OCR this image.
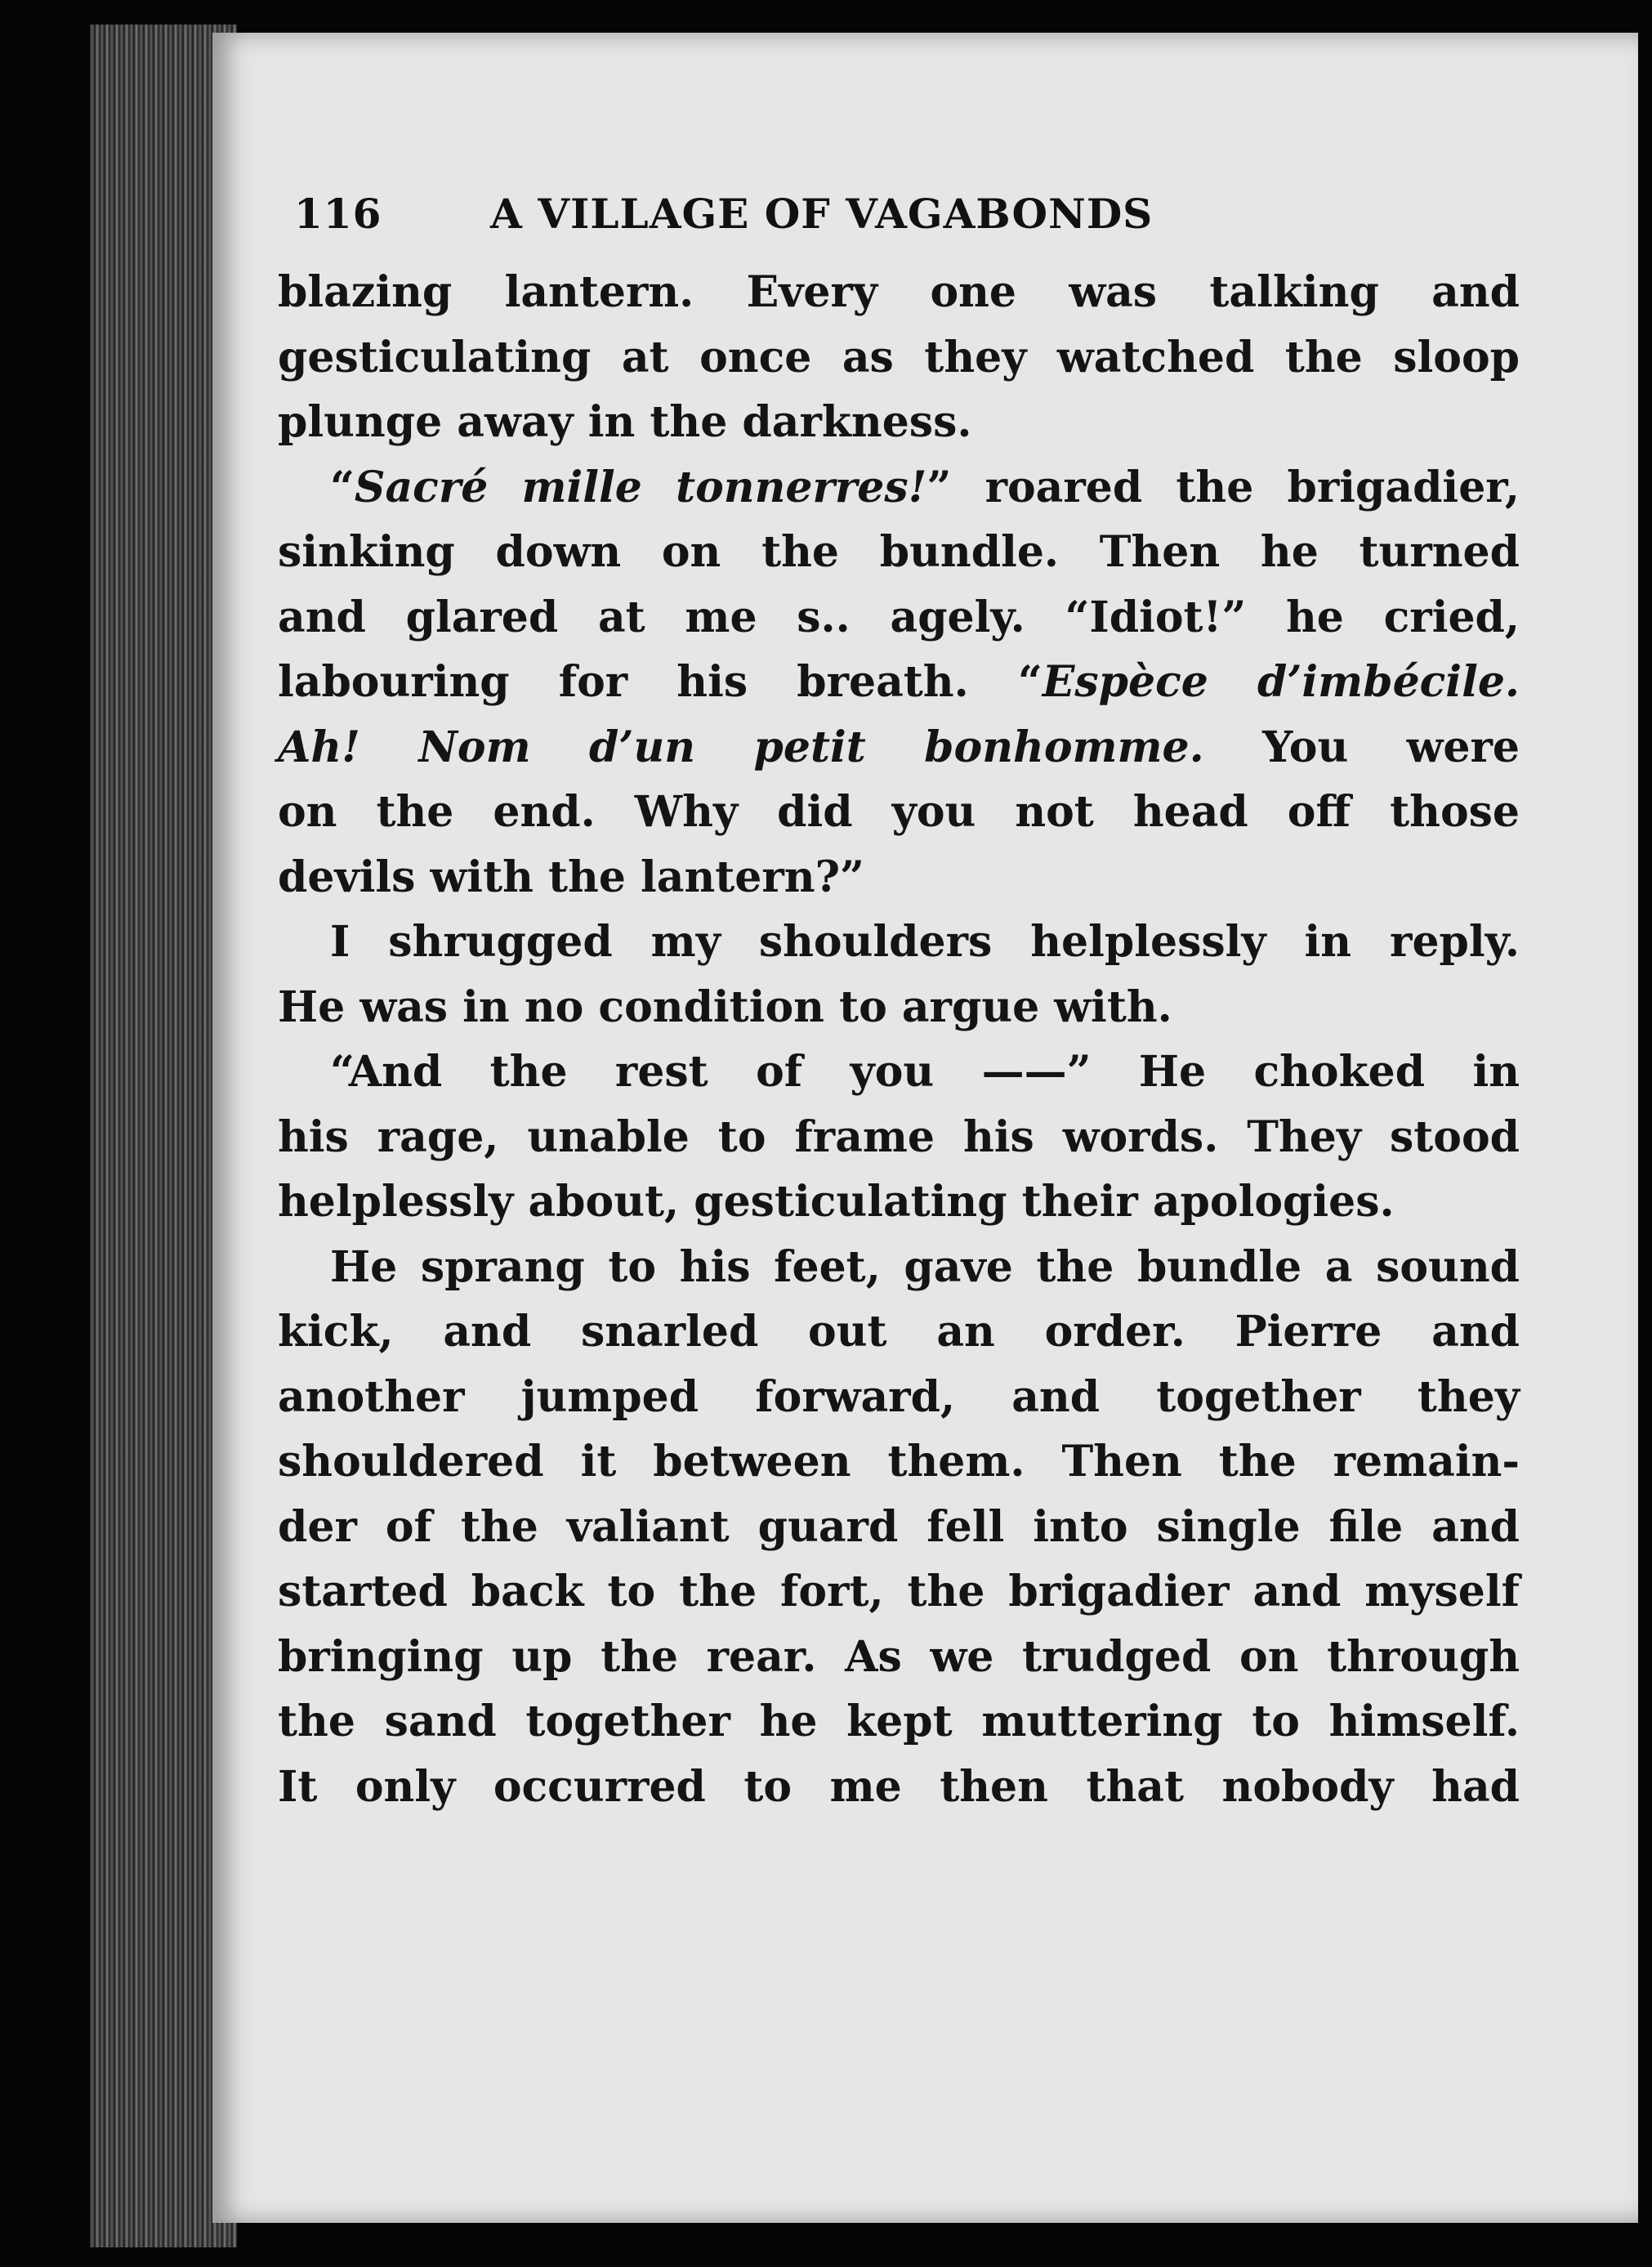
116	A VILLAGE OF VAGABONDS
blazing lantern. Every one was talking and
gesticulating at once as they watched the sloop
plunge away in the darkness.
“Sacré mille tonnerres!” roared the brigadier,
sinking down on the bundle. Then he turned
and glared at me s.. agely. “Idiot!” he cried,
labouring for his breath. “Espèce d’imbécile.
Ah! Nom d’un petit bonhomme. You were
on the end. Why did you not head off those
devils with the lantern?”
I shrugged my shoulders helplessly in reply.
He was in no condition to argue with.
“And the rest of you ——” He choked in
his rage, unable to frame his words. They stood
helplessly about, gesticulating their apologies.
He sprang to his feet, gave the bundle a sound
kick, and snarled out an order. Pierre and
another jumped forward, and together they
shouldered it between them. Then the remain-
der of the valiant guard fell into single file and
started back to the fort, the brigadier and myself
bringing up the rear. As we trudged on through
the sand together he kept muttering to himself.
It only occurred to me then that nobody had
